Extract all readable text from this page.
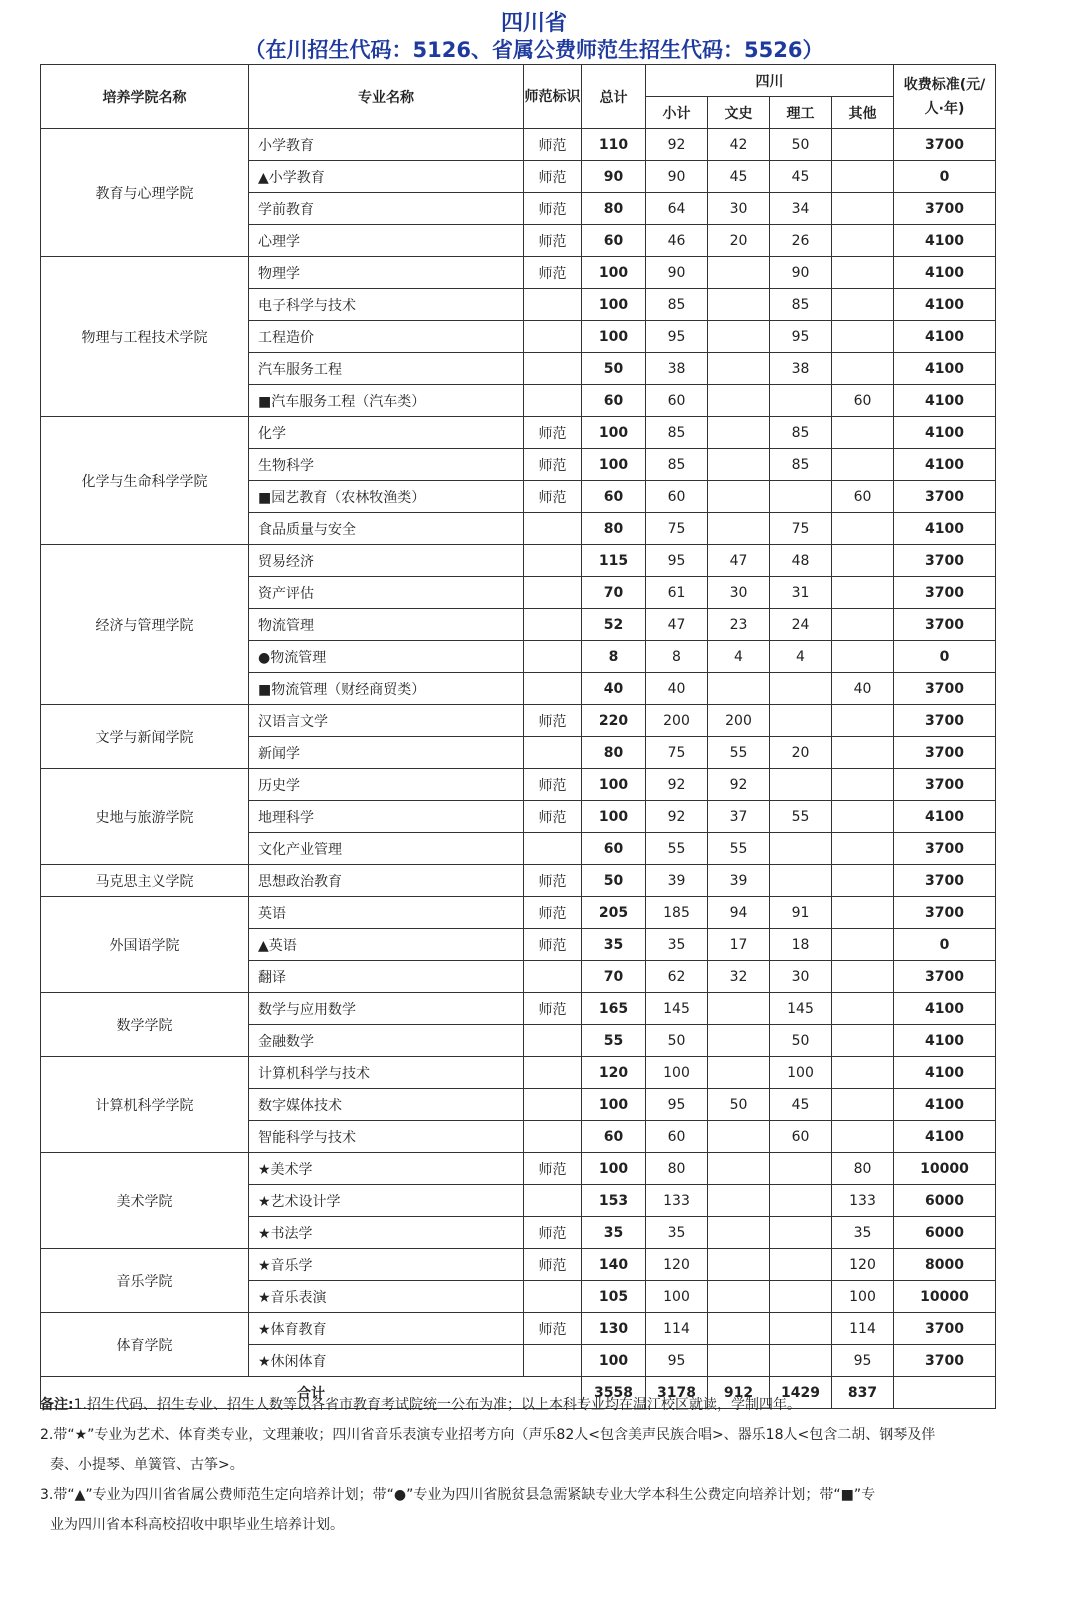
四川省
（在川招生代码：5126、省属公费师范生招生代码：5526）
培养学院名称	专业名称	师范标识	总计	四川				收费标准(元/人·年)
				小计	文史	理工	其他	
教育与心理学院	小学教育	师范	110	92	42	50		3700
	▲小学教育	师范	90	90	45	45		0
	学前教育	师范	80	64	30	34		3700
	心理学	师范	60	46	20	26		4100
物理与工程技术学院	物理学	师范	100	90		90		4100
	电子科学与技术		100	85		85		4100
	工程造价		100	95		95		4100
	汽车服务工程		50	38		38		4100
	■汽车服务工程（汽车类）		60	60			60	4100
化学与生命科学学院	化学	师范	100	85		85		4100
	生物科学	师范	100	85		85		4100
	■园艺教育（农林牧渔类）	师范	60	60			60	3700
	食品质量与安全		80	75		75		4100
经济与管理学院	贸易经济		115	95	47	48		3700
	资产评估		70	61	30	31		3700
	物流管理		52	47	23	24		3700
	●物流管理		8	8	4	4		0
	■物流管理（财经商贸类）		40	40			40	3700
文学与新闻学院	汉语言文学	师范	220	200	200			3700
	新闻学		80	75	55	20		3700
史地与旅游学院	历史学	师范	100	92	92			3700
	地理科学	师范	100	92	37	55		4100
	文化产业管理		60	55	55			3700
马克思主义学院	思想政治教育	师范	50	39	39			3700
外国语学院	英语	师范	205	185	94	91		3700
	▲英语	师范	35	35	17	18		0
	翻译		70	62	32	30		3700
数学学院	数学与应用数学	师范	165	145		145		4100
	金融数学		55	50		50		4100
计算机科学学院	计算机科学与技术		120	100		100		4100
	数字媒体技术		100	95	50	45		4100
	智能科学与技术		60	60		60		4100
美术学院	★美术学	师范	100	80			80	10000
	★艺术设计学		153	133			133	6000
	★书法学	师范	35	35			35	6000
音乐学院	★音乐学	师范	140	120			120	8000
	★音乐表演		105	100			100	10000
体育学院	★体育教育	师范	130	114			114	3700
	★休闲体育		100	95			95	3700
合计			3558	3178	912	1429	837	

备注:1.招生代码、招生专业、招生人数等以各省市教育考试院统一公布为准；以上本科专业均在温江校区就读，学制四年。

2.带“★”专业为艺术、体育类专业，文理兼收；四川省音乐表演专业招考方向（声乐82人<包含美声民族合唱>、器乐18人<包含二胡、钢琴及伴

奏、小提琴、单簧管、古筝>。

3.带“▲”专业为四川省省属公费师范生定向培养计划；带“●”专业为四川省脱贫县急需紧缺专业大学本科生公费定向培养计划；带“■”专

业为四川省本科高校招收中职毕业生培养计划。
